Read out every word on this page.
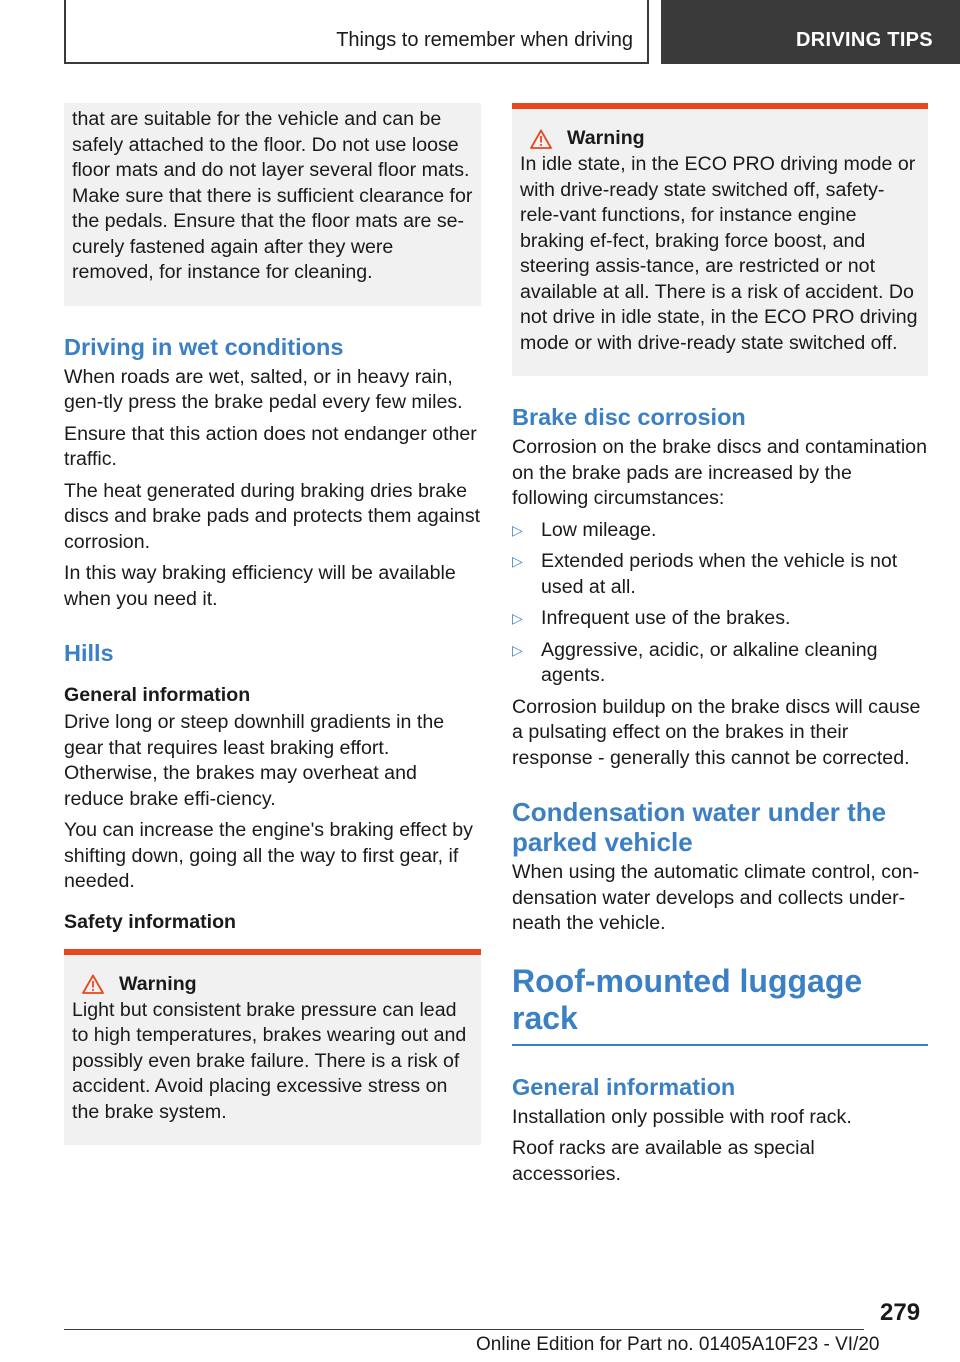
Things to remember when driving	DRIVING TIPS

that are suitable for the vehicle and can be safely attached to the floor. Do not use loose floor mats and do not layer several floor mats. Make sure that there is sufficient clearance for the pedals. Ensure that the floor mats are se-curely fastened again after they were removed, for instance for cleaning.

Driving in wet conditions

When roads are wet, salted, or in heavy rain, gen-tly press the brake pedal every few miles.

Ensure that this action does not endanger other traffic.

The heat generated during braking dries brake discs and brake pads and protects them against corrosion.

In this way braking efficiency will be available when you need it.

Hills
General information

Drive long or steep downhill gradients in the gear that requires least braking effort. Otherwise, the brakes may overheat and reduce brake effi-ciency.

You can increase the engine's braking effect by shifting down, going all the way to first gear, if needed.

Safety information
Warning

Light but consistent brake pressure can lead to high temperatures, brakes wearing out and possibly even brake failure. There is a risk of accident. Avoid placing excessive stress on the brake system.

Warning

In idle state, in the ECO PRO driving mode or with drive-ready state switched off, safety-rele-vant functions, for instance engine braking ef-fect, braking force boost, and steering assis-tance, are restricted or not available at all. There is a risk of accident. Do not drive in idle state, in the ECO PRO driving mode or with drive-ready state switched off.

Brake disc corrosion

Corrosion on the brake discs and contamination on the brake pads are increased by the following circumstances:

▷ Low mileage.
▷ Extended periods when the vehicle is not used at all.
▷ Infrequent use of the brakes.
▷ Aggressive, acidic, or alkaline cleaning agents.

Corrosion buildup on the brake discs will cause a pulsating effect on the brakes in their response - generally this cannot be corrected.

Condensation water under the parked vehicle

When using the automatic climate control, con-densation water develops and collects under-neath the vehicle.

Roof-mounted luggage rack
General information

Installation only possible with roof rack.

Roof racks are available as special accessories.

279
Online Edition for Part no. 01405A10F23 - VI/20
